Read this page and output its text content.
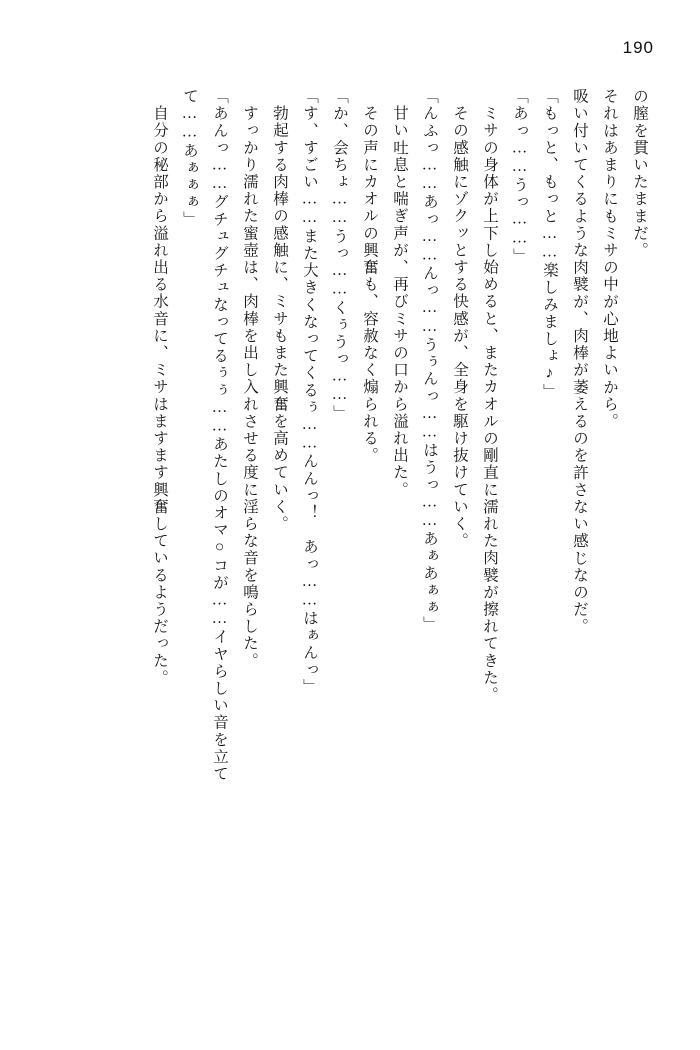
190
の膣を貫いたままだ。
それはあまりにもミサの中が心地よいから。
吸い付いてくるような肉襞が、肉棒が萎えるのを許さない感じなのだ。
「もっと、もっと……楽しみましょ♪」
「あっ……うっ……」
ミサの身体が上下し始めると、またカオルの剛直に濡れた肉襞が擦れてきた。
その感触にゾクッとする快感が、全身を駆け抜けていく。
「んふっ……あっ……んっ……うぅんっ……はうっ……あぁあぁぁ」
甘い吐息と喘ぎ声が、再びミサの口から溢れ出た。
その声にカオルの興奮も、容赦なく煽られる。
「か、会ちょ……うっ……くぅうっ……」
「す、すごい……また大きくなってくるぅ……んんっ！　あっ……はぁんっ」
勃起する肉棒の感触に、ミサもまた興奮を高めていく。
すっかり濡れた蜜壺は、肉棒を出し入れさせる度に淫らな音を鳴らした。
「あんっ……グチュグチュなってるぅぅ……あたしのオマ○コが……イヤらしい音を立て
て……あぁぁぁ」
自分の秘部から溢れ出る水音に、ミサはますます興奮しているようだった。
